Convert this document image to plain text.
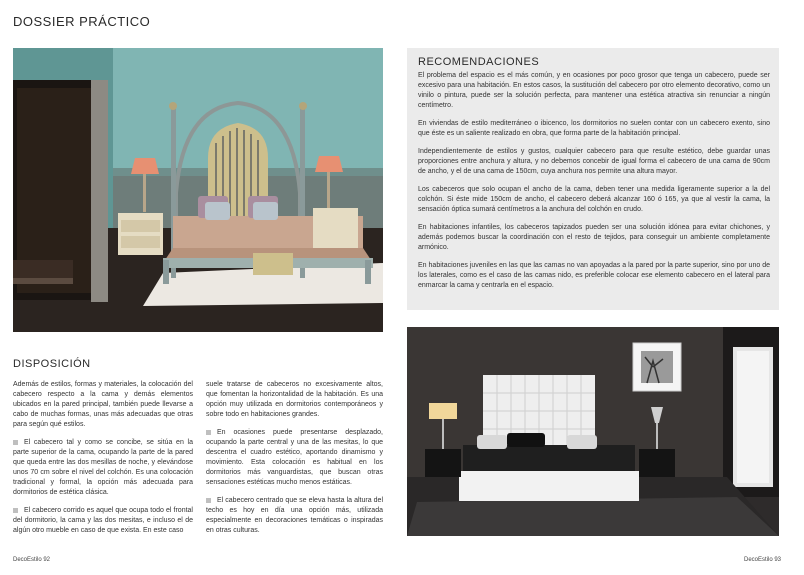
DOSSIER PRÁCTICO
RECOMENDACIONES

El problema del espacio es el más común, y en ocasiones por poco grosor que tenga un cabecero, puede ser excesivo para una habitación. En estos casos, la sustitución del cabecero por otro elemento decorativo, como un vinilo o pintura, puede ser la solución perfecta, para mantener una estética atractiva sin renunciar a ningún centímetro.

En viviendas de estilo mediterráneo o ibicenco, los dormitorios no suelen contar con un cabecero exento, sino que éste es un saliente realizado en obra, que forma parte de la habitación principal.

Independientemente de estilos y gustos, cualquier cabecero para que resulte estético, debe guardar unas proporciones entre anchura y altura, y no debemos concebir de igual forma el cabecero de una cama de 90cm de ancho, y el de una cama de 150cm, cuya anchura nos permite una altura mayor.

Los cabeceros que solo ocupan el ancho de la cama, deben tener una medida ligeramente superior a la del colchón. Si éste mide 150cm de ancho, el cabecero deberá alcanzar 160 ó 165, ya que al vestir la cama, la sensación óptica sumará centímetros a la anchura del colchón en crudo.

En habitaciones infantiles, los cabeceros tapizados pueden ser una solución idónea para evitar chichones, y además podemos buscar la coordinación con el resto de tejidos, para conseguir un ambiente completamente armónico.

En habitaciones juveniles en las que las camas no van apoyadas a la pared por la parte superior, sino por uno de los laterales, como es el caso de las camas nido, es preferible colocar ese elemento cabecero en el lateral para enmarcar la cama y centrarla en el espacio.

DISPOSICIÓN

Además de estilos, formas y materiales, la colocación del cabecero respecto a la cama y demás elementos ubicados en la pared principal, también puede llevarse a cabo de muchas formas, unas más adecuadas que otras para según qué estilos.

El cabecero tal y como se concibe, se sitúa en la parte superior de la cama, ocupando la parte de la pared que queda entre las dos mesillas de noche, y elevándose unos 70 cm sobre el nivel del colchón. Es una colocación tradicional y formal, la opción más adecuada para dormitorios de estética clásica.

El cabecero corrido es aquel que ocupa todo el frontal del dormitorio, la cama y las dos mesitas, e incluso el de algún otro mueble en caso de que exista. En este caso

suele tratarse de cabeceros no excesivamente altos, que fomentan la horizontalidad de la habitación. Es una opción muy utilizada en dormitorios contemporáneos y sobre todo en habitaciones grandes.

En ocasiones puede presentarse desplazado, ocupando la parte central y una de las mesitas, lo que descentra el cuadro estético, aportando dinamismo y movimiento. Esta colocación es habitual en los dormitorios más vanguardistas, que buscan otras sensaciones estéticas mucho menos estáticas.

El cabecero centrado que se eleva hasta la altura del techo es hoy en día una opción más, utilizada especialmente en decoraciones temáticas o inspiradas en otras culturas.

DecoEstilo 92	DecoEstilo 93
